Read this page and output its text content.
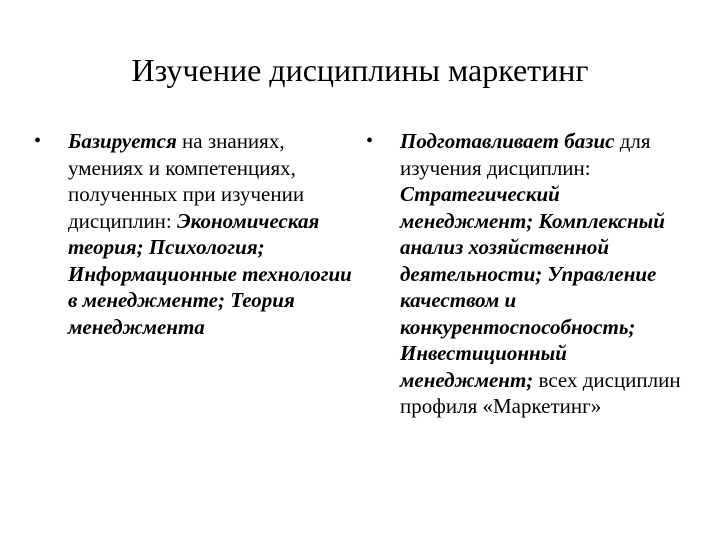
Изучение дисциплины маркетинг
•	Базируется на знаниях, умениях и компетенциях, полученных при изучении дисциплин: Экономическая теория; Психология; Информационные технологии в менеджменте; Теория менеджмента
•	Подготавливает базис для изучения дисциплин: Стратегический менеджмент; Комплексный анализ хозяйственной деятельности; Управление качеством и конкурентоспособность; Инвестиционный менеджмент; всех дисциплин профиля «Маркетинг»
